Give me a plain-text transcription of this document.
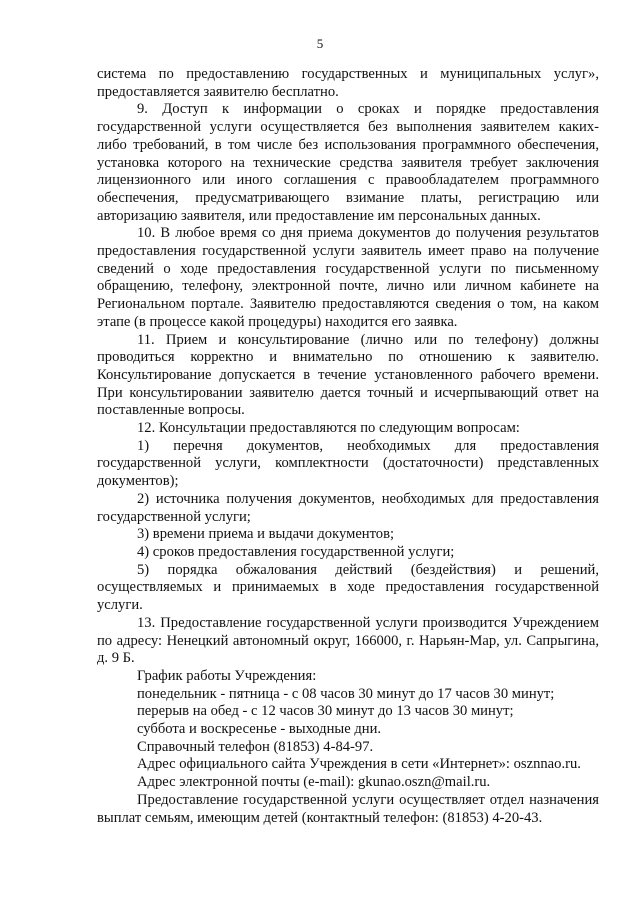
5

система по предоставлению государственных и муниципальных услуг», предоставляется заявителю бесплатно.

9. Доступ к информации о сроках и порядке предоставления государственной услуги осуществляется без выполнения заявителем каких-либо требований, в том числе без использования программного обеспечения, установка которого на технические средства заявителя требует заключения лицензионного или иного соглашения с правообладателем программного обеспечения, предусматривающего взимание платы, регистрацию или авторизацию заявителя, или предоставление им персональных данных.

10. В любое время со дня приема документов до получения результатов предоставления государственной услуги заявитель имеет право на получение сведений о ходе предоставления государственной услуги по письменному обращению, телефону, электронной почте, лично или личном кабинете на Региональном портале. Заявителю предоставляются сведения о том, на каком этапе (в процессе какой процедуры) находится его заявка.

11. Прием и консультирование (лично или по телефону) должны проводиться корректно и внимательно по отношению к заявителю. Консультирование допускается в течение установленного рабочего времени. При консультировании заявителю дается точный и исчерпывающий ответ на поставленные вопросы.

12. Консультации предоставляются по следующим вопросам:

1) перечня документов, необходимых для предоставления государственной услуги, комплектности (достаточности) представленных документов);

2) источника получения документов, необходимых для предоставления государственной услуги;

3) времени приема и выдачи документов;

4) сроков предоставления государственной услуги;

5) порядка обжалования действий (бездействия) и решений, осуществляемых и принимаемых в ходе предоставления государственной услуги.

13. Предоставление государственной услуги производится Учреждением по адресу: Ненецкий автономный округ, 166000, г. Нарьян-Мар, ул. Сапрыгина, д. 9 Б.

График работы Учреждения:

понедельник - пятница - с 08 часов 30 минут до 17 часов 30 минут;

перерыв на обед - с 12 часов 30 минут до 13 часов 30 минут;

суббота и воскресенье - выходные дни.

Справочный телефон (81853) 4-84-97.

Адрес официального сайта Учреждения в сети «Интернет»: osznnao.ru.

Адрес электронной почты (e-mail): gkunao.oszn@mail.ru.

Предоставление государственной услуги осуществляет отдел назначения выплат семьям, имеющим детей (контактный телефон: (81853) 4-20-43.
